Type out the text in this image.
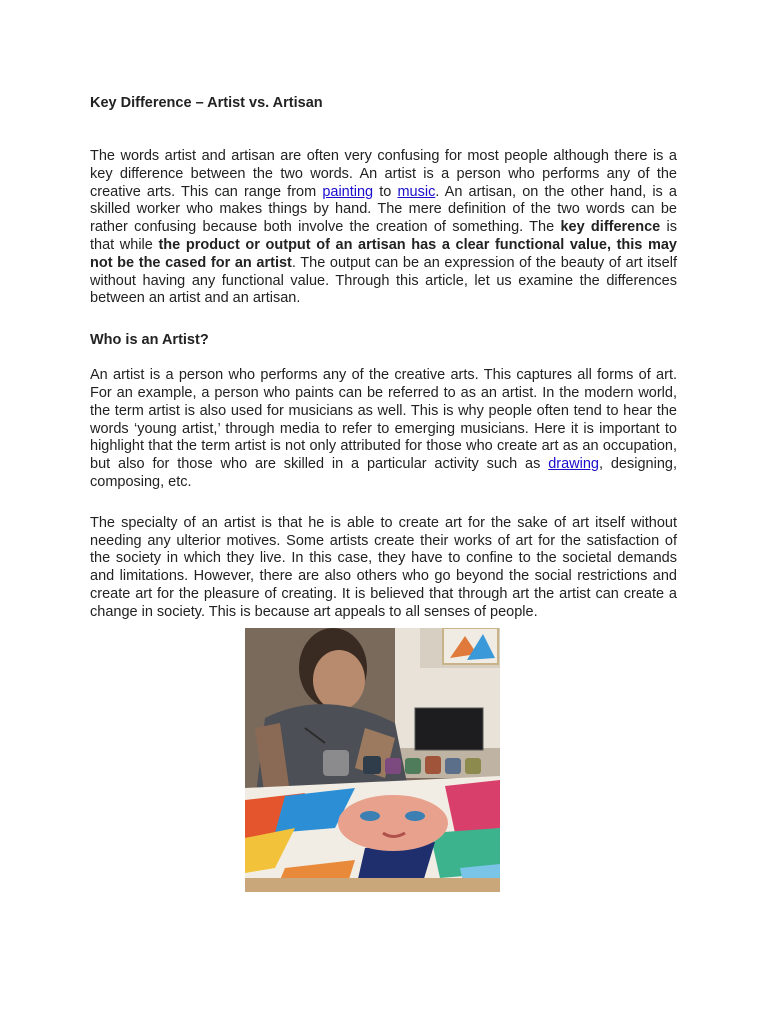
Key Difference – Artist vs. Artisan

The words artist and artisan are often very confusing for most people although there is a key difference between the two words. An artist is a person who performs any of the creative arts. This can range from painting to music. An artisan, on the other hand, is a skilled worker who makes things by hand. The mere definition of the two words can be rather confusing because both involve the creation of something. The key difference is that while the product or output of an artisan has a clear functional value, this may not be the cased for an artist. The output can be an expression of the beauty of art itself without having any functional value. Through this article, let us examine the differences between an artist and an artisan.

Who is an Artist?

An artist is a person who performs any of the creative arts. This captures all forms of art. For an example, a person who paints can be referred to as an artist. In the modern world, the term artist is also used for musicians as well. This is why people often tend to hear the words ‘young artist,’ through media to refer to emerging musicians. Here it is important to highlight that the term artist is not only attributed for those who create art as an occupation, but also for those who are skilled in a particular activity such as drawing, designing, composing, etc.

The specialty of an artist is that he is able to create art for the sake of art itself without needing any ulterior motives. Some artists create their works of art for the satisfaction of the society in which they live. In this case, they have to confine to the societal demands and limitations. However, there are also others who go beyond the social restrictions and create art for the pleasure of creating. It is believed that through art the artist can create a change in society. This is because art appeals to all senses of people.
